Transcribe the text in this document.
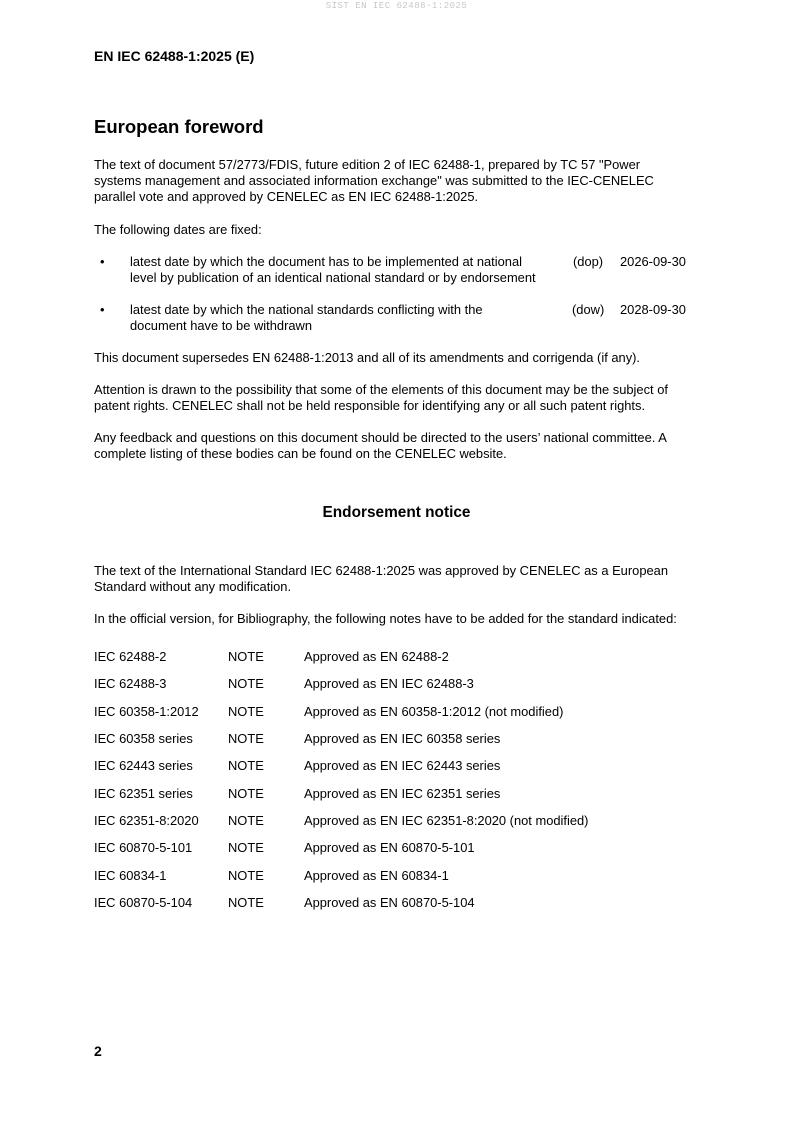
SIST EN IEC 62488-1:2025
EN IEC 62488-1:2025 (E)
European foreword
The text of document 57/2773/FDIS, future edition 2 of IEC 62488-1, prepared by TC 57 "Power
systems management and associated information exchange" was submitted to the IEC-CENELEC
parallel vote and approved by CENELEC as EN IEC 62488-1:2025.
The following dates are fixed:
• latest date by which the document has to be implemented at national
level by publication of an identical national standard or by endorsement
(dop) 2026-09-30
• latest date by which the national standards conflicting with the
document have to be withdrawn
(dow) 2028-09-30
This document supersedes EN 62488-1:2013 and all of its amendments and corrigenda (if any).
Attention is drawn to the possibility that some of the elements of this document may be the subject of
patent rights. CENELEC shall not be held responsible for identifying any or all such patent rights.
Any feedback and questions on this document should be directed to the users’ national committee. A
complete listing of these bodies can be found on the CENELEC website.
Endorsement notice
The text of the International Standard IEC 62488-1:2025 was approved by CENELEC as a European
Standard without any modification.
In the official version, for Bibliography, the following notes have to be added for the standard indicated:
IEC 62488-2	NOTE	Approved as EN 62488-2
IEC 62488-3	NOTE	Approved as EN IEC 62488-3
IEC 60358-1:2012 NOTE	Approved as EN 60358-1:2012 (not modified)
IEC 60358 series	NOTE	Approved as EN IEC 60358 series
IEC 62443 series	NOTE	Approved as EN IEC 62443 series
IEC 62351 series	NOTE	Approved as EN IEC 62351 series
IEC 62351-8:2020 NOTE	Approved as EN IEC 62351-8:2020 (not modified)
IEC 60870-5-101	NOTE	Approved as EN 60870-5-101
IEC 60834-1	NOTE	Approved as EN 60834-1
IEC 60870-5-104	NOTE	Approved as EN 60870-5-104
2
